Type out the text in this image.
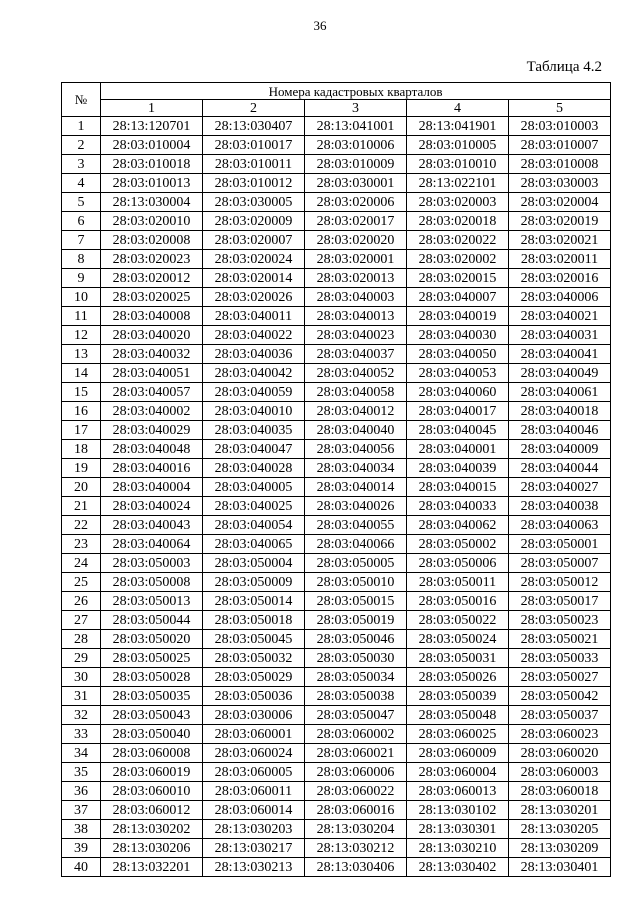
36
Таблица 4.2
№	Номера кадастровых кварталов				
	1	2	3	4	5
1	28:13:120701	28:13:030407	28:13:041001	28:13:041901	28:03:010003
2	28:03:010004	28:03:010017	28:03:010006	28:03:010005	28:03:010007
3	28:03:010018	28:03:010011	28:03:010009	28:03:010010	28:03:010008
4	28:03:010013	28:03:010012	28:03:030001	28:13:022101	28:03:030003
5	28:13:030004	28:03:030005	28:03:020006	28:03:020003	28:03:020004
6	28:03:020010	28:03:020009	28:03:020017	28:03:020018	28:03:020019
7	28:03:020008	28:03:020007	28:03:020020	28:03:020022	28:03:020021
8	28:03:020023	28:03:020024	28:03:020001	28:03:020002	28:03:020011
9	28:03:020012	28:03:020014	28:03:020013	28:03:020015	28:03:020016
10	28:03:020025	28:03:020026	28:03:040003	28:03:040007	28:03:040006
11	28:03:040008	28:03:040011	28:03:040013	28:03:040019	28:03:040021
12	28:03:040020	28:03:040022	28:03:040023	28:03:040030	28:03:040031
13	28:03:040032	28:03:040036	28:03:040037	28:03:040050	28:03:040041
14	28:03:040051	28:03:040042	28:03:040052	28:03:040053	28:03:040049
15	28:03:040057	28:03:040059	28:03:040058	28:03:040060	28:03:040061
16	28:03:040002	28:03:040010	28:03:040012	28:03:040017	28:03:040018
17	28:03:040029	28:03:040035	28:03:040040	28:03:040045	28:03:040046
18	28:03:040048	28:03:040047	28:03:040056	28:03:040001	28:03:040009
19	28:03:040016	28:03:040028	28:03:040034	28:03:040039	28:03:040044
20	28:03:040004	28:03:040005	28:03:040014	28:03:040015	28:03:040027
21	28:03:040024	28:03:040025	28:03:040026	28:03:040033	28:03:040038
22	28:03:040043	28:03:040054	28:03:040055	28:03:040062	28:03:040063
23	28:03:040064	28:03:040065	28:03:040066	28:03:050002	28:03:050001
24	28:03:050003	28:03:050004	28:03:050005	28:03:050006	28:03:050007
25	28:03:050008	28:03:050009	28:03:050010	28:03:050011	28:03:050012
26	28:03:050013	28:03:050014	28:03:050015	28:03:050016	28:03:050017
27	28:03:050044	28:03:050018	28:03:050019	28:03:050022	28:03:050023
28	28:03:050020	28:03:050045	28:03:050046	28:03:050024	28:03:050021
29	28:03:050025	28:03:050032	28:03:050030	28:03:050031	28:03:050033
30	28:03:050028	28:03:050029	28:03:050034	28:03:050026	28:03:050027
31	28:03:050035	28:03:050036	28:03:050038	28:03:050039	28:03:050042
32	28:03:050043	28:03:030006	28:03:050047	28:03:050048	28:03:050037
33	28:03:050040	28:03:060001	28:03:060002	28:03:060025	28:03:060023
34	28:03:060008	28:03:060024	28:03:060021	28:03:060009	28:03:060020
35	28:03:060019	28:03:060005	28:03:060006	28:03:060004	28:03:060003
36	28:03:060010	28:03:060011	28:03:060022	28:03:060013	28:03:060018
37	28:03:060012	28:03:060014	28:03:060016	28:13:030102	28:13:030201
38	28:13:030202	28:13:030203	28:13:030204	28:13:030301	28:13:030205
39	28:13:030206	28:13:030217	28:13:030212	28:13:030210	28:13:030209
40	28:13:032201	28:13:030213	28:13:030406	28:13:030402	28:13:030401
